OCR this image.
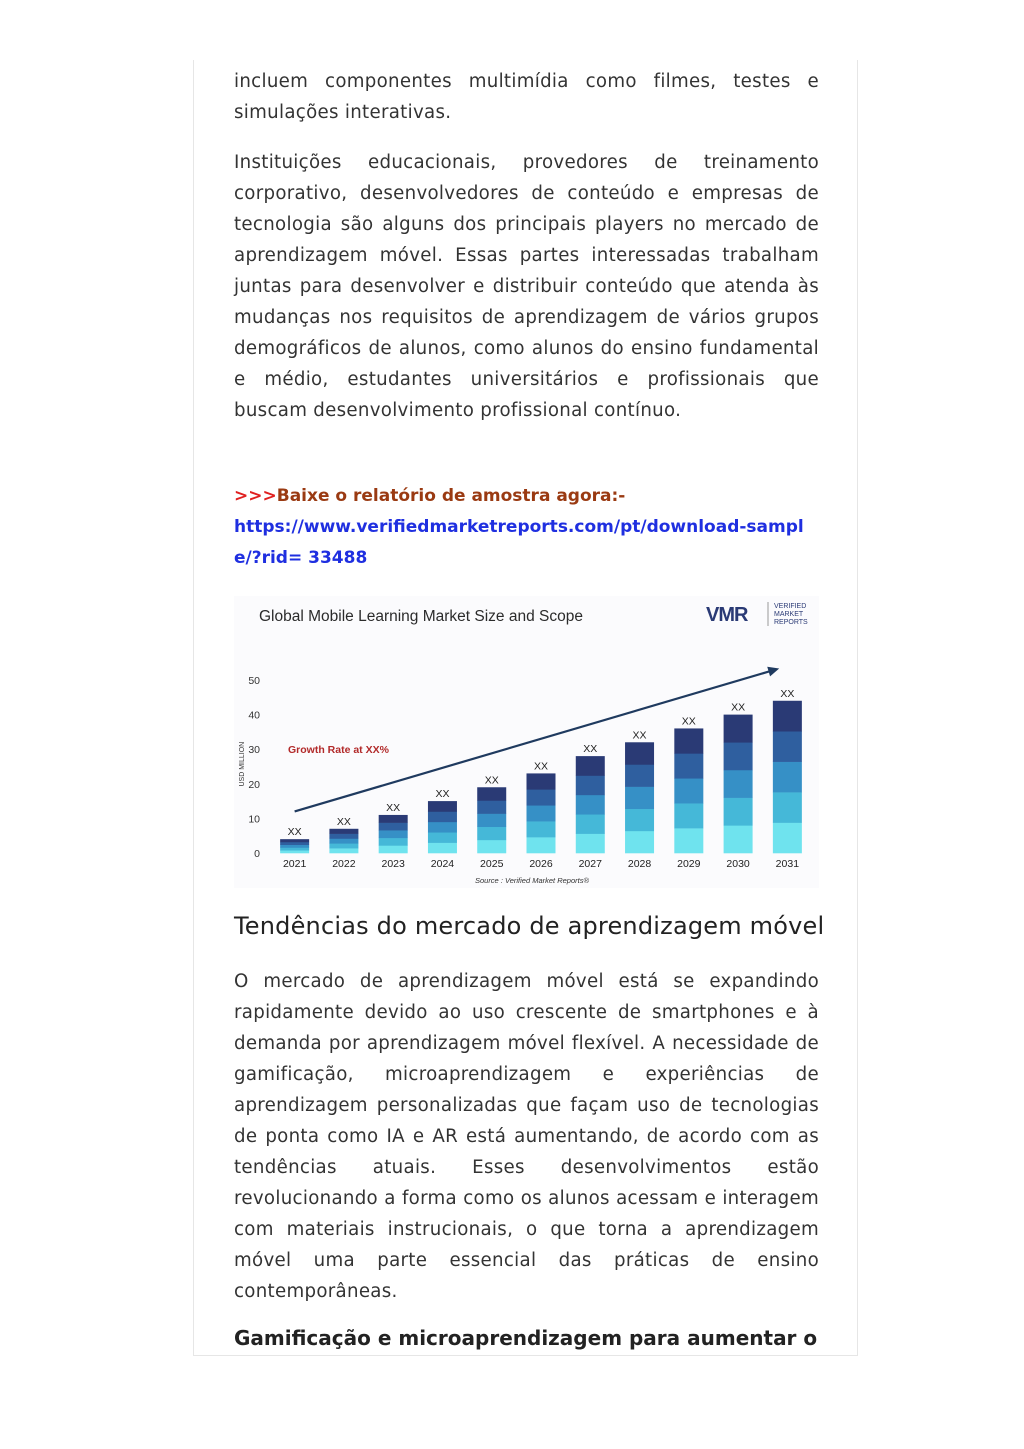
incluem componentes multimídia como filmes, testes e simulações interativas.

Instituições educacionais, provedores de treinamento corporativo, desenvolvedores de conteúdo e empresas de tecnologia são alguns dos principais players no mercado de aprendizagem móvel. Essas partes interessadas trabalham juntas para desenvolver e distribuir conteúdo que atenda às mudanças nos requisitos de aprendizagem de vários grupos demográficos de alunos, como alunos do ensino fundamental e médio, estudantes universitários e profissionais que buscam desenvolvimento profissional contínuo.

>>>Baixe o relatório de amostra agora:-
https://www.verifiedmarketreports.com/pt/download-sample/?rid= 33488
Global Mobile Learning Market Size and Scope	VMR	VERIFIED
MARKET
REPORTS
USD MILLION
0
10
20
30
40
50
XX
2021
XX
2022
XX
2023
XX
2024
XX
2025
XX
2026
XX
2027
XX
2028
XX
2029
XX
2030
XX
2031
Growth Rate at XX%
Source : Verified Market Reports®
Tendências do mercado de aprendizagem móvel

O mercado de aprendizagem móvel está se expandindo rapidamente devido ao uso crescente de smartphones e à demanda por aprendizagem móvel flexível. A necessidade de gamificação, microaprendizagem e experiências de aprendizagem personalizadas que façam uso de tecnologias de ponta como IA e AR está aumentando, de acordo com as tendências atuais. Esses desenvolvimentos estão revolucionando a forma como os alunos acessam e interagem com materiais instrucionais, o que torna a aprendizagem móvel uma parte essencial das práticas de ensino contemporâneas.

Gamificação e microaprendizagem para aumentar o
